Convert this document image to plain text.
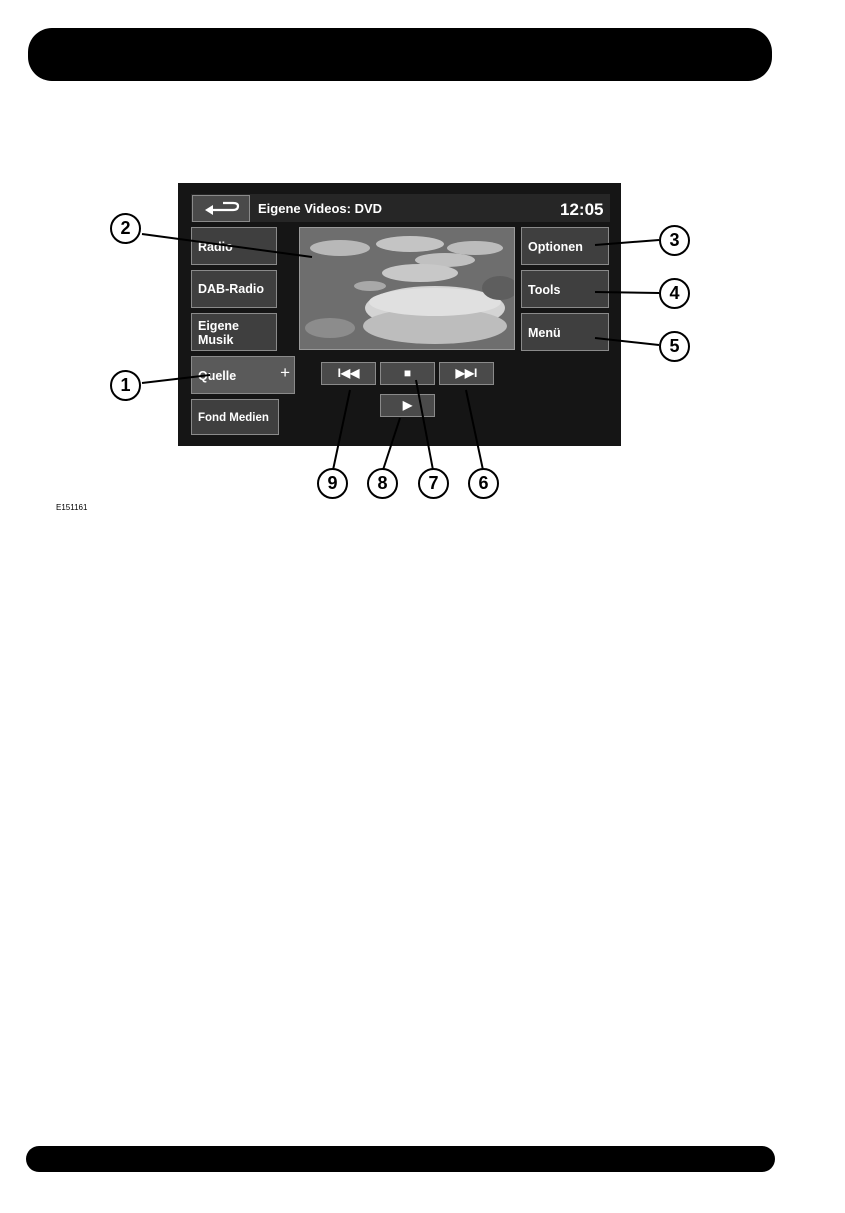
Eigene Videos: DVD	12:05
Radio
DAB-Radio
Eigene Musik
Quelle	+
Fond Medien
Optionen
Tools
Menü
I◀◀	■	▶▶I
▶
1
2
3
4
5
6
7
8
9
E151161
